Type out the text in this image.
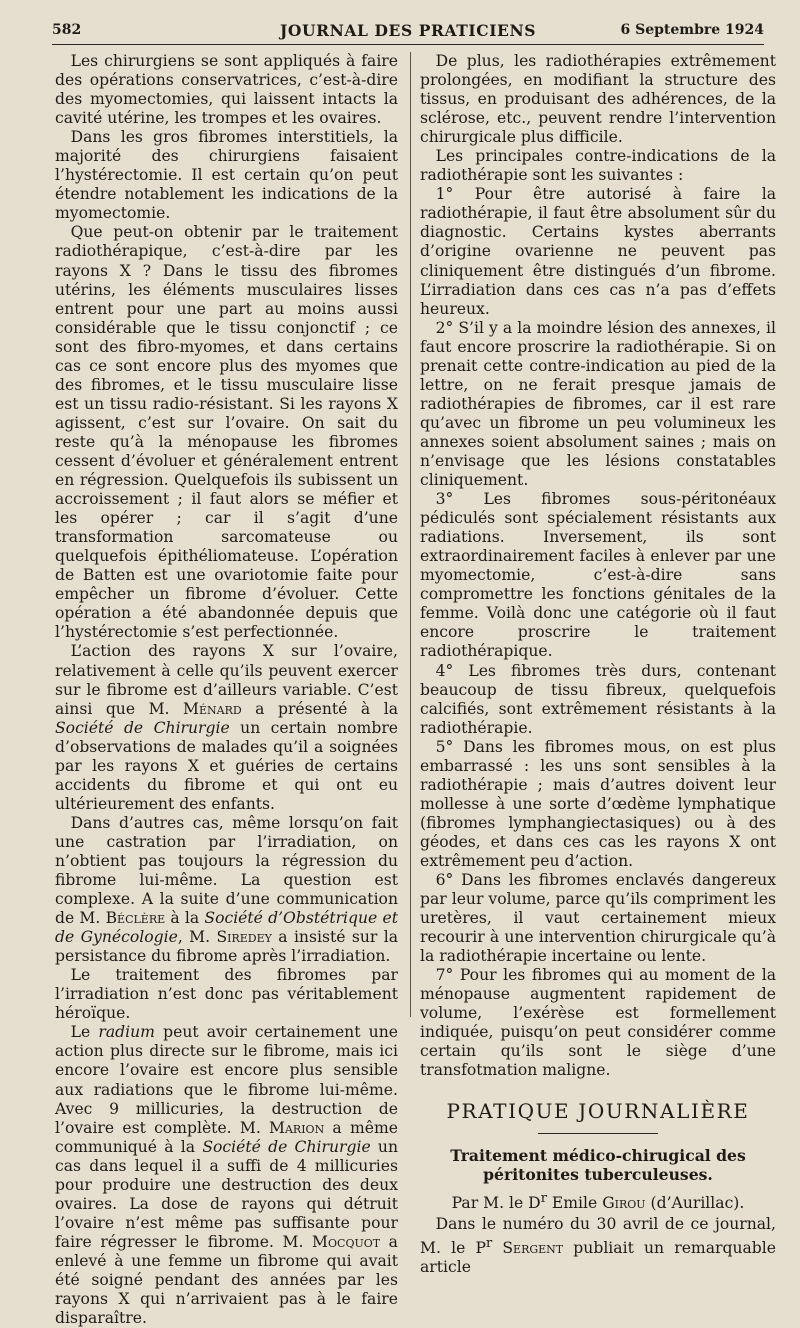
582	JOURNAL DES PRATICIENS	6 Septembre 1924

Les chirurgiens se sont appliqués à faire des opérations conservatrices, c’est-à-dire des myomectomies, qui laissent intacts la cavité utérine, les trompes et les ovaires.

Dans les gros fibromes interstitiels, la majorité des chirurgiens faisaient l’hystérectomie. Il est certain qu’on peut étendre notablement les indications de la myomectomie.

Que peut-on obtenir par le traitement radiothérapique, c’est-à-dire par les rayons X ? Dans le tissu des fibromes utérins, les éléments musculaires lisses entrent pour une part au moins aussi considérable que le tissu conjonctif ; ce sont des fibro-myomes, et dans certains cas ce sont encore plus des myomes que des fibromes, et le tissu musculaire lisse est un tissu radio-résistant. Si les rayons X agissent, c’est sur l’ovaire. On sait du reste qu’à la ménopause les fibromes cessent d’évoluer et généralement entrent en régression. Quelquefois ils subissent un accroissement ; il faut alors se méfier et les opérer ; car il s’agit d’une transformation sarcomateuse ou quelquefois épithéliomateuse. L’opération de Batten est une ovariotomie faite pour empêcher un fibrome d’évoluer. Cette opération a été abandonnée depuis que l’hystérectomie s’est perfectionnée.

L’action des rayons X sur l’ovaire, relativement à celle qu’ils peuvent exercer sur le fibrome est d’ailleurs variable. C’est ainsi que M. Ménard a présenté à la Société de Chirurgie un certain nombre d’observations de malades qu’il a soignées par les rayons X et guéries de certains accidents du fibrome et qui ont eu ultérieurement des enfants.

Dans d’autres cas, même lorsqu’on fait une castration par l’irradiation, on n’obtient pas toujours la régression du fibrome lui-même. La question est complexe. A la suite d’une communication de M. Béclère à la Société d’Obstétrique et de Gynécologie, M. Siredey a insisté sur la persistance du fibrome après l’irradiation.

Le traitement des fibromes par l’irradiation n’est donc pas véritablement héroïque.

Le radium peut avoir certainement une action plus directe sur le fibrome, mais ici encore l’ovaire est encore plus sensible aux radiations que le fibrome lui-même. Avec 9 millicuries, la destruction de l’ovaire est complète. M. Marion a même communiqué à la Société de Chirurgie un cas dans lequel il a suffi de 4 millicuries pour produire une destruction des deux ovaires. La dose de rayons qui détruit l’ovaire n’est même pas suffisante pour faire régresser le fibrome. M. Mocquot a enlevé à une femme un fibrome qui avait été soigné pendant des années par les rayons X qui n’arrivaient pas à le faire disparaître.

De plus, les radiothérapies extrêmement prolongées, en modifiant la structure des tissus, en produisant des adhérences, de la sclérose, etc., peuvent rendre l’intervention chirurgicale plus difficile.

Les principales contre-indications de la radiothérapie sont les suivantes :

1° Pour être autorisé à faire la radiothérapie, il faut être absolument sûr du diagnostic. Certains kystes aberrants d’origine ovarienne ne peuvent pas cliniquement être distingués d’un fibrome. L’irradiation dans ces cas n’a pas d’effets heureux.

2° S’il y a la moindre lésion des annexes, il faut encore proscrire la radiothérapie. Si on prenait cette contre-indication au pied de la lettre, on ne ferait presque jamais de radiothérapies de fibromes, car il est rare qu’avec un fibrome un peu volumineux les annexes soient absolument saines ; mais on n’envisage que les lésions constatables cliniquement.

3° Les fibromes sous-péritonéaux pédiculés sont spécialement résistants aux radiations. Inversement, ils sont extraordinairement faciles à enlever par une myomectomie, c’est-à-dire sans compromettre les fonctions génitales de la femme. Voilà donc une catégorie où il faut encore proscrire le traitement radiothérapique.

4° Les fibromes très durs, contenant beaucoup de tissu fibreux, quelquefois calcifiés, sont extrêmement résistants à la radiothérapie.

5° Dans les fibromes mous, on est plus embarrassé : les uns sont sensibles à la radiothérapie ; mais d’autres doivent leur mollesse à une sorte d’œdème lymphatique (fibromes lymphangiectasiques) ou à des géodes, et dans ces cas les rayons X ont extrêmement peu d’action.

6° Dans les fibromes enclavés dangereux par leur volume, parce qu’ils compriment les uretères, il vaut certainement mieux recourir à une intervention chirurgicale qu’à la radiothérapie incertaine ou lente.

7° Pour les fibromes qui au moment de la ménopause augmentent rapidement de volume, l’exérèse est formellement indiquée, puisqu’on peut considérer comme certain qu’ils sont le siège d’une transfotmation maligne.

PRATIQUE JOURNALIÈRE

Traitement médico-chirugical des péritonites tuberculeuses.

Par M. le $D^r$ Emile Girou (d’Aurillac).

Dans le numéro du 30 avril de ce journal, M. le $P^r$ Sergent publiait un remarquable article
